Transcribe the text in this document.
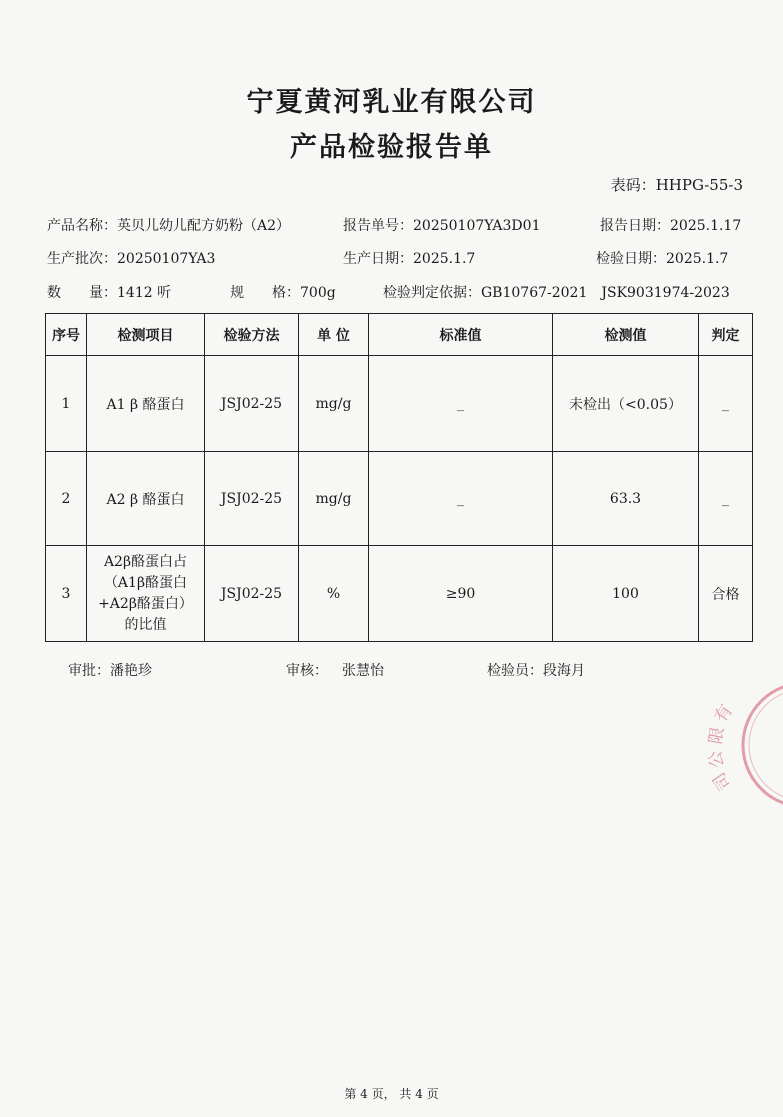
宁夏黄河乳业有限公司
产品检验报告单
表码：HHPG-55-3
产品名称：英贝儿幼儿配方奶粉（A2）	报告单号：20250107YA3D01	报告日期：2025.1.17
生产批次：20250107YA3	生产日期：2025.1.7	检验日期：2025.1.7
数　　量：1412 听	规　　格：700g	检验判定依据：GB10767-2021　JSK9031974-2023
序号	检测项目	检验方法	单 位	标准值	检测值	判定
1	A1 β 酪蛋白	JSJ02-25	mg/g	_	未检出（<0.05）	_
2	A2 β 酪蛋白	JSJ02-25	mg/g	_	63.3	_
3	A2β酪蛋白占（A1β酪蛋白+A2β酪蛋白）的比值	JSJ02-25	%	≥90	100	合格
审批：潘艳珍	审核： 张慧怡	检验员：段海月
有
限
公
司
第 4 页， 共 4 页
